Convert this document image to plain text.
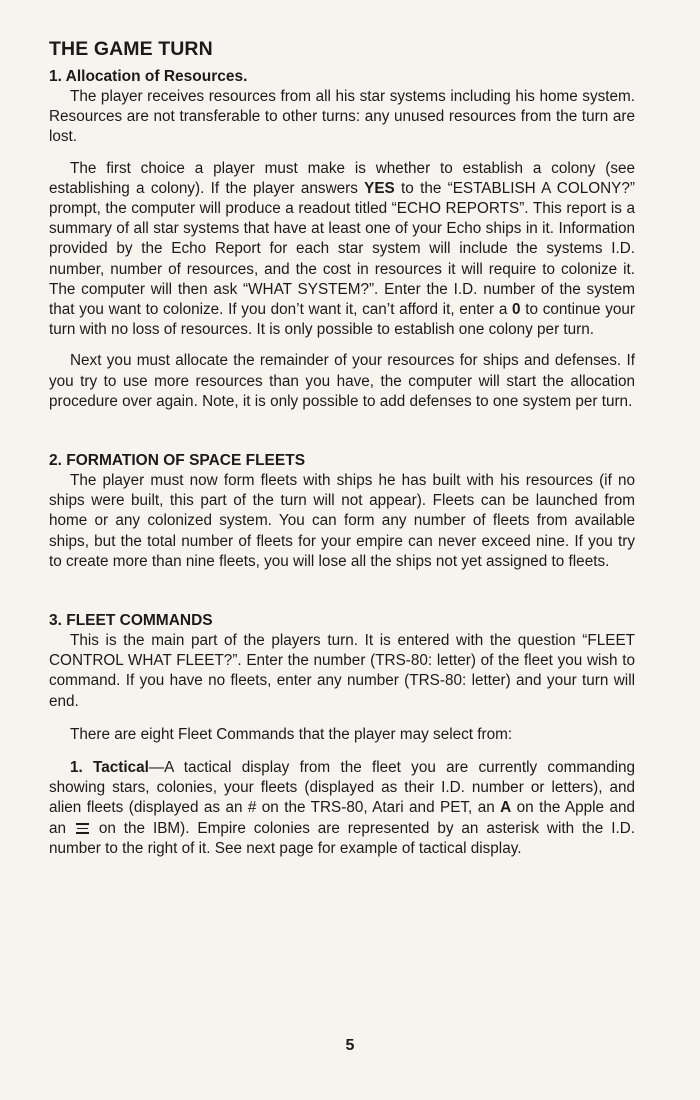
THE GAME TURN
1. Allocation of Resources.

The player receives resources from all his star systems including his home system. Resources are not transferable to other turns: any unused resources from the turn are lost.

The first choice a player must make is whether to establish a colony (see establishing a colony). If the player answers YES to the “ESTABLISH A COLONY?” prompt, the computer will produce a readout titled “ECHO REPORTS”. This report is a summary of all star systems that have at least one of your Echo ships in it. Information provided by the Echo Report for each star system will include the systems I.D. number, number of resources, and the cost in resources it will require to colonize it. The computer will then ask “WHAT SYSTEM?”. Enter the I.D. number of the system that you want to colonize. If you don’t want it, can’t afford it, enter a 0 to continue your turn with no loss of resources. It is only possible to establish one colony per turn.

Next you must allocate the remainder of your resources for ships and defenses. If you try to use more resources than you have, the computer will start the allocation procedure over again. Note, it is only possible to add defenses to one system per turn.

2. FORMATION OF SPACE FLEETS

The player must now form fleets with ships he has built with his resources (if no ships were built, this part of the turn will not appear). Fleets can be launched from home or any colonized system. You can form any number of fleets from available ships, but the total number of fleets for your empire can never exceed nine. If you try to create more than nine fleets, you will lose all the ships not yet assigned to fleets.

3. FLEET COMMANDS

This is the main part of the players turn. It is entered with the question “FLEET CONTROL WHAT FLEET?”. Enter the number (TRS-80: letter) of the fleet you wish to command. If you have no fleets, enter any number (TRS-80: letter) and your turn will end.

There are eight Fleet Commands that the player may select from:

1. Tactical—A tactical display from the fleet you are currently commanding showing stars, colonies, your fleets (displayed as their I.D. number or letters), and alien fleets (displayed as an # on the TRS-80, Atari and PET, an A on the Apple and an  on the IBM). Empire colonies are represented by an asterisk with the I.D. number to the right of it. See next page for example of tactical display.

5
